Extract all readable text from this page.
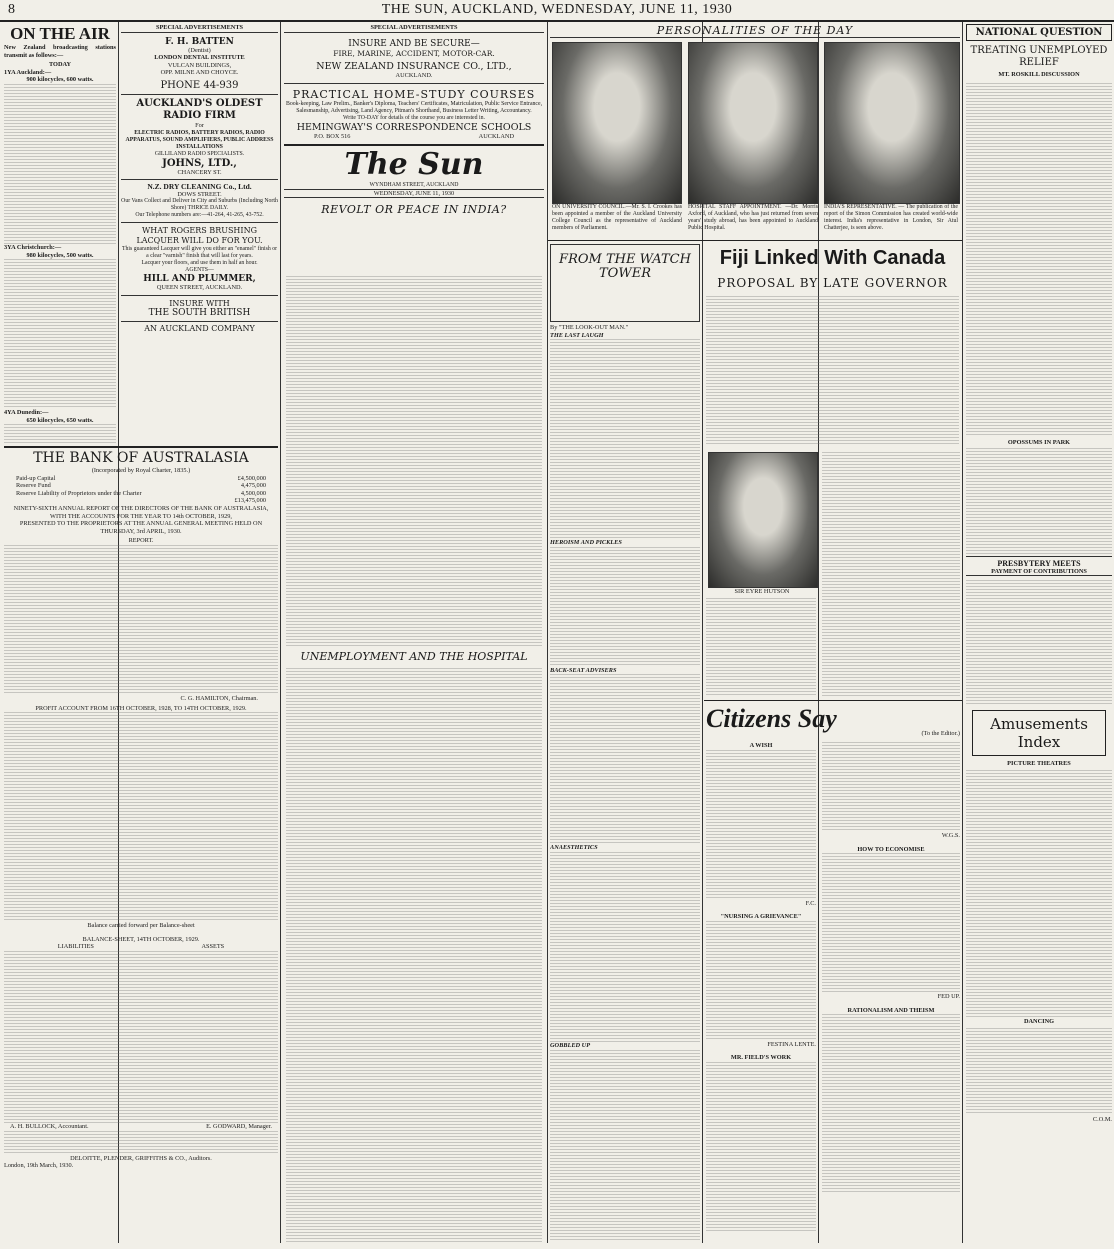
8	THE SUN, AUCKLAND, WEDNESDAY, JUNE 11, 1930
ON THE AIR
New Zealand broadcasting stations transmit as follows:—
TODAY
1YA Auckland:—
900 kilocycles, 600 watts.
3YA Christchurch:—
980 kilocycles, 500 watts.
4YA Dunedin:—
650 kilocycles, 650 watts.
SPECIAL ADVERTISEMENTS
F. H. BATTEN
(Dentist)
LONDON DENTAL INSTITUTE
VULCAN BUILDINGS,
OPP. MILNE AND CHOYCE.
PHONE 44-939
AUCKLAND'S OLDEST RADIO FIRM
For
ELECTRIC RADIOS, BATTERY RADIOS, RADIO APPARATUS, SOUND AMPLIFIERS, PUBLIC ADDRESS INSTALLATIONS
GILLILAND RADIO SPECIALISTS.
JOHNS, LTD.,
CHANCERY ST.
N.Z. DRY CLEANING Co., Ltd.
DOWS STREET.
Our Vans Collect and Deliver in City and Suburbs (Including North Shore) THRICE DAILY.
Our Telephone numbers are:—41-264, 41-265, 43-752.
WHAT ROGERS BRUSHING LACQUER WILL DO FOR YOU.
This guaranteed Lacquer will give you either an "enamel" finish or a clear "varnish" finish that will last for years.
Lacquer your floors, and use them in half an hour.
AGENTS—
HILL AND PLUMMER,
QUEEN STREET, AUCKLAND.
INSURE WITH
THE SOUTH BRITISH
AN AUCKLAND COMPANY
SPECIAL ADVERTISEMENTS
INSURE AND BE SECURE—
FIRE, MARINE, ACCIDENT, MOTOR-CAR.
NEW ZEALAND INSURANCE CO., LTD.,
AUCKLAND.
PRACTICAL HOME-STUDY COURSES
Book-keeping, Law Prelim., Banker's Diploma, Teachers' Certificates, Matriculation, Public Service Entrance, Salesmanship, Advertising, Land Agency, Pitman's Shorthand, Business Letter Writing, Accountancy.
Write TO-DAY for details of the course you are interested in.
HEMINGWAY'S CORRESPONDENCE SCHOOLS
P.O. BOX 516	AUCKLAND
The Sun
WYNDHAM STREET, AUCKLAND
WEDNESDAY, JUNE 11, 1930
REVOLT OR PEACE IN INDIA?
UNEMPLOYMENT AND THE HOSPITAL
THE BANK OF AUSTRALASIA
(Incorporated by Royal Charter, 1835.)
Paid-up Capital	£4,500,000
Reserve Fund	4,475,000
Reserve Liability of Proprietors under the Charter	4,500,000
£13,475,000
NINETY-SIXTH ANNUAL REPORT OF THE DIRECTORS OF THE BANK OF AUSTRALASIA,
WITH THE ACCOUNTS FOR THE YEAR TO 14th OCTOBER, 1929,
PRESENTED TO THE PROPRIETORS AT THE ANNUAL GENERAL MEETING HELD ON THURSDAY, 3rd APRIL, 1930.
REPORT.
C. G. HAMILTON, Chairman.
PROFIT ACCOUNT FROM 16TH OCTOBER, 1928, TO 14TH OCTOBER, 1929.
Balance carried forward per Balance-sheet
BALANCE-SHEET, 14TH OCTOBER, 1929.
LIABILITIES	ASSETS
A. H. BULLOCK, Accountant.	E. GODWARD, Manager.
DELOITTE, PLENDER, GRIFFITHS & CO., Auditors.
London, 19th March, 1930.
PERSONALITIES OF THE DAY
ON UNIVERSITY COUNCIL.—Mr. S. I. Crookes has been appointed a member of the Auckland University College Council as the representative of Auckland members of Parliament.
HOSPITAL STAFF APPOINTMENT. —Dr. Morris Axford, of Auckland, who has just returned from seven years' study abroad, has been appointed to Auckland Public Hospital.
INDIA'S REPRESENTATIVE. — The publication of the report of the Simon Commission has created world-wide interest. India's representative in London, Sir Atul Chatterjee, is seen above.
FROM THE WATCH TOWER
By "THE LOOK-OUT MAN."
THE LAST LAUGH
HEROISM AND PICKLES
BACK-SEAT ADVISERS
ANAESTHETICS
GOBBLED UP
Fiji Linked With Canada
PROPOSAL BY LATE GOVERNOR
SIR EYRE HUTSON
Citizens Say
(To the Editor.)
A WISH
F.C.
"NURSING A GRIEVANCE"
FESTINA LENTE.
MR. FIELD'S WORK
W.G.S.
HOW TO ECONOMISE
FED UP.
RATIONALISM AND THEISM
NATIONAL QUESTION
TREATING UNEMPLOYED RELIEF
MT. ROSKILL DISCUSSION
OPOSSUMS IN PARK
PRESBYTERY MEETS
PAYMENT OF CONTRIBUTIONS
Amusements Index
PICTURE THEATRES
DANCING
C.O.M.
